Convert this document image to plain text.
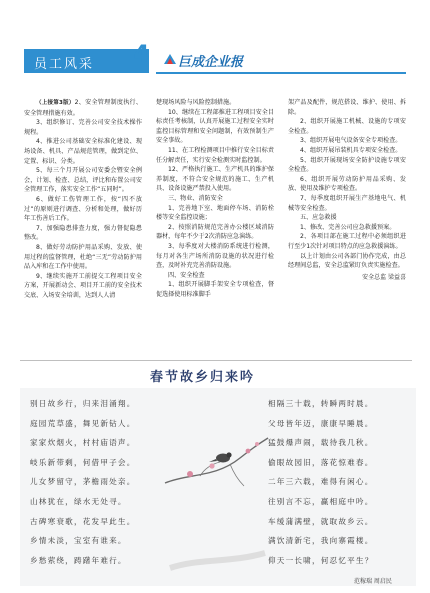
员工风采 4	巨成企业报

（上接第3版）2、安全管理制度执行、安全管理措施有效。

3、组织修订、完善公司安全技术操作规程。

4、推进公司基础安全标准化建设、现场设备、机具、产品规范管理，做到定位、定置、标识、分类。

5、每三个月开展公司安委会暨安全例会，计划、检查、总结，评比和布置公司安全管理工作，落实安全工作“五同时”。

6、做好工伤管理工作，按“四不放过”的原则进行调查、分析和处理，做好历年工伤善后工作。

7、加强隐患排查力度，强力督促隐患整改。

8、做好劳动防护用品采购、发放、使用过程的监督管理，杜绝“三无”劳动防护用品入库和在工作中使用。

9、继续实施开工前提交工程项目安全方案，开展新动会、项目开工前的安全技术交底、入场安全培训，达到人人清

楚现场风险与风险控制措施。

10、继续在工程部推进工程项目安全目标责任考核制，认真开展施工过程安全实时监控目标管理和安全问题制，有效预制生产安全事故。

11、在工程检测项目中推行安全目标责任分解责任，实行安全检测实时监控制。

12、严格执行施工、生产机具的维护保养制度，不符合安全规范的施工、生产机具、设备设施严禁投入使用。

三、物业、消防安全

1、完善地下室、地面停车场、消防栓楼等安全监控设施；

2、按照消防规范完善办公楼区域消防器材，每年不少于2次消防应急演练。

3、每季度对大楼消防系统进行检测，每月对各生产场所消防设施的状况进行检查，及时补充完善消防设施。

四、安全检查

1、组织开展脚手架安全专项检查，督促选择使用标准脚手

架产品及配件，规范搭设、维护、使用、拆除。

2、组织开展施工机械、设施的专项安全检查。

3、组织开展电气设备安全专项检查。

4、组织开展吊装机具专项安全检查。

5、组织开展现场安全防护设施专项安全检查。

6、组织开展劳动防护用品采购、发放、使用及维护专项检查。

7、每季度组织开展生产基地电气、机械等安全检查。

五、应急救援

1、修改、完善公司应急救援预案。

2、各项目部在施工过程中必须组织进行至少1次针对项目特点的应急救援演练。

以上计划由公司各部门协作完成，由总经理间总监，安全总监紧盯负责实施检查。

安全总监 梁益喜
春节故乡归来吟
别日故乡行，归来泪涌翔。
庭园荒草盛，舞见新钻人。
家家炊烟火，村村庙语声。
岐乐新带剩，何借甲子会。
儿女梦留守，茅檐雨处亲。
山林犹在，绿水无处寻。
古碑寒衰歌，花发早此生。
乡情未淡，宝室有谁来。
乡愁萦绕，踌躇年难行。
相隔三十载，转瞬两时晨。
父母皆年迈，康康早睡晨。
猛鼓爆声闹，载待我几秋。
偷眼故园旧，落花惊难春。
二年三六载，难得有闲心。
往别言不忘，赢相庭中吟。
车缓蒲满壁，就取故乡云。
满饮清新宅，我向寨霞楼。
仰天一长啸，何忍忆平生？
范稼瑞 周启民
